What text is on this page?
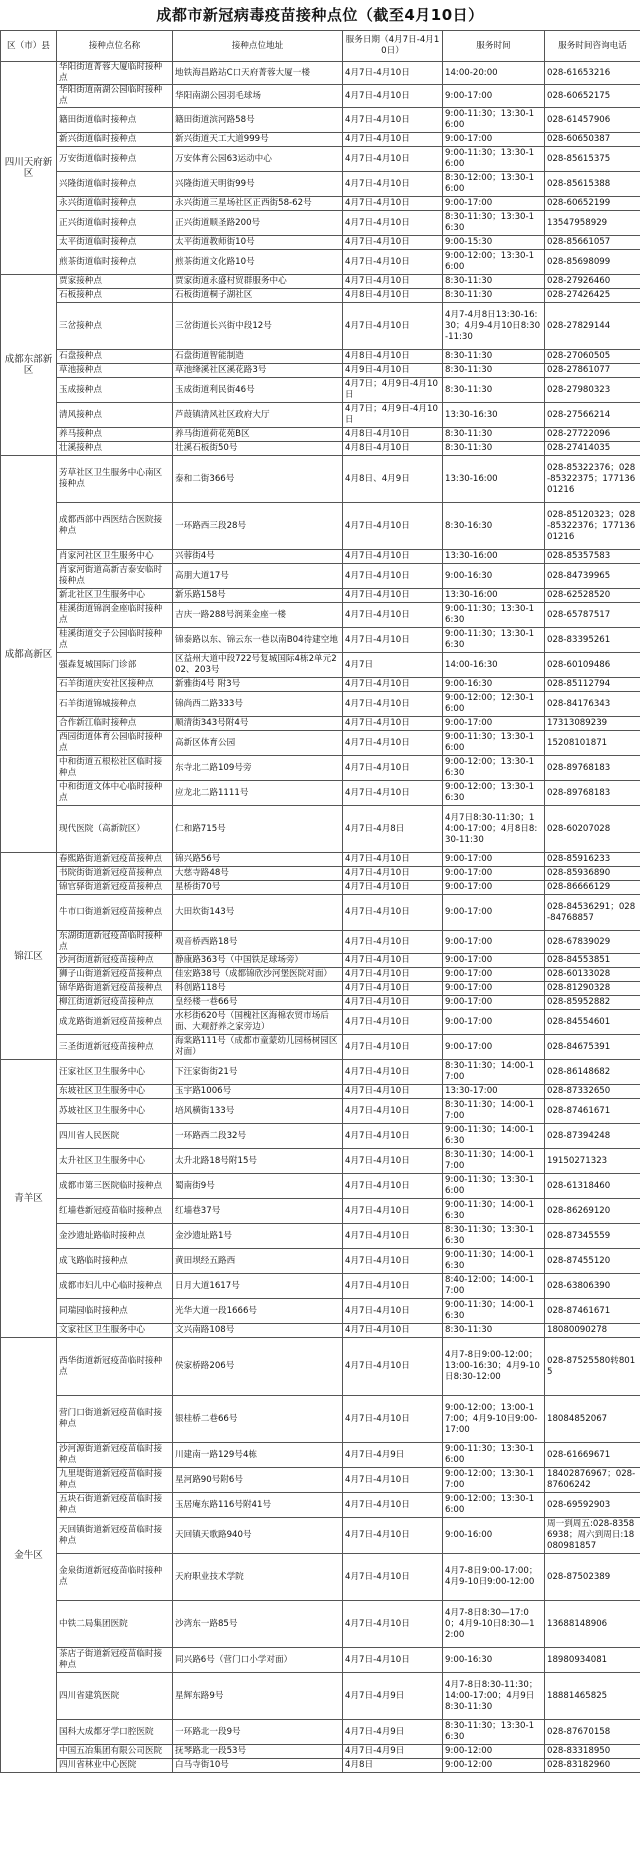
成都市新冠病毒疫苗接种点位（截至4月10日）
区（市）县	接种点位名称	接种点位地址	服务日期（4月7日-4月10日）	服务时间	服务时间咨询电话
四川天府新区	华阳街道菁蓉大厦临时接种点	地铁海昌路站C口天府菁蓉大厦一楼	4月7日-4月10日	14:00-20:00	028-61653216
	华阳街道南湖公园临时接种点	华阳南湖公园羽毛球场	4月7日-4月10日	9:00-17:00	028-60652175
	籍田街道临时接种点	籍田街道滨河路58号	4月7日-4月10日	9:00-11:30；13:30-16:00	028-61457906
	新兴街道临时接种点	新兴街道天工大道999号	4月7日-4月10日	9:00-17:00	028-60650387
	万安街道临时接种点	万安体育公园63运动中心	4月7日-4月10日	9:00-11:30；13:30-16:00	028-85615375
	兴隆街道临时接种点	兴隆街道天明街99号	4月7日-4月10日	8:30-12:00；13:30-16:00	028-85615388
	永兴街道临时接种点	永兴街道三星场社区正西街58-62号	4月7日-4月10日	9:00-17:00	028-60652199
	正兴街道临时接种点	正兴街道顺圣路200号	4月7日-4月10日	8:30-11:30；13:30-16:30	13547958929
	太平街道临时接种点	太平街道教师街10号	4月7日-4月10日	9:00-15:30	028-85661057
	煎茶街道临时接种点	煎茶街道文化路10号	4月7日-4月10日	9:00-12:00；13:30-16:00	028-85698099
成都东部新区	贾家接种点	贾家街道永盛村贸群服务中心	4月7日-4月10日	8:30-11:30	028-27926460
	石板接种点	石板街道桐子湖社区	4月8日-4月10日	8:30-11:30	028-27426425
	三岔接种点	三岔街道长兴街中段12号	4月7日-4月10日	4月7-4月8日13:30-16:30；4月9-4月10日8:30-11:30	028-27829144
	石盘接种点	石盘街道智能制造	4月8日-4月10日	8:30-11:30	028-27060505
	草池接种点	草池绛溪社区溪花路3号	4月9日-4月10日	8:30-11:30	028-27861077
	玉成接种点	玉成街道利民街46号	4月7日；4月9日-4月10日	8:30-11:30	028-27980323
	清风接种点	芦葭镇清风社区政府大厅	4月7日；4月9日-4月10日	13:30-16:30	028-27566214
	养马接种点	养马街道荷花苑B区	4月8日-4月10日	8:30-11:30	028-27722096
	壮溪接种点	壮溪石板街50号	4月8日-4月10日	8:30-11:30	028-27414035
成都高新区	芳草社区卫生服务中心南区接种点	泰和二街366号	4月8日、4月9日	13:30-16:00	028-85322376；028-85322375；17713601216
	成都西部中西医结合医院接种点	一环路西三段28号	4月7日-4月10日	8:30-16:30	028-85120323；028-85322376；17713601216
	肖家河社区卫生服务中心	兴蓉街4号	4月7日-4月10日	13:30-16:00	028-85357583
	肖家河街道高新吉泰安临时接种点	高朋大道17号	4月7日-4月10日	9:00-16:30	028-84739965
	新北社区卫生服务中心	新乐路158号	4月7日-4月10日	13:30-16:00	028-62528520
	桂溪街道锦润金座临时接种点	吉庆一路288号润莱金座一楼	4月7日-4月10日	9:00-11:30；13:30-16:30	028-65787517
	桂溪街道交子公园临时接种点	锦泰路以东、锦云东一巷以南B04待建空地	4月7日-4月10日	9:00-11:30；13:30-16:30	028-83395261
	强森复城国际门诊部	区益州大道中段722号复城国际4栋2单元202、203号	4月7日	14:00-16:30	028-60109486
	石羊街道庆安社区接种点	新雅街4号 附3号	4月7日-4月10日	9:00-16:30	028-85112794
	石羊街道锦城接种点	锦尚西二路333号	4月7日-4月10日	9:00-12:00；12:30-16:00	028-84176343
	合作新江临时接种点	顺清街343号附4号	4月7日-4月10日	9:00-17:00	17313089239
	西园街道体育公园临时接种点	高新区体育公园	4月7日-4月10日	9:00-11:30；13:30-16:00	15208101871
	中和街道五根松社区临时接种点	东寺北二路109号旁	4月7日-4月10日	9:00-12:00；13:30-16:30	028-89768183
	中和街道文体中心临时接种点	应龙北二路1111号	4月7日-4月10日	9:00-12:00；13:30-16:30	028-89768183
	现代医院（高新院区）	仁和路715号	4月7日-4月8日	4月7日8:30-11:30；14:00-17:00；4月8日8:30-11:30	028-60207028
锦江区	春熙路街道新冠疫苗接种点	锦兴路56号	4月7日-4月10日	9:00-17:00	028-85916233
	书院街街道新冠疫苗接种点	大慈寺路48号	4月7日-4月10日	9:00-17:00	028-85936890
	锦官驿街道新冠疫苗接种点	星桥街70号	4月7日-4月10日	9:00-17:00	028-86666129
	牛市口街道新冠疫苗接种点	大田坎街143号	4月7日-4月10日	9:00-17:00	028-84536291；028-84768857
	东湖街道新冠疫苗临时接种点	观音桥西路18号	4月7日-4月10日	9:00-17:00	028-67839029
	沙河街道新冠疫苗接种点	静康路363号（中国铁足球场旁）	4月7日-4月10日	9:00-17:00	028-84553851
	狮子山街道新冠疫苗接种点	佳宏路38号（成都锦欣沙河堡医院对面）	4月7日-4月10日	9:00-17:00	028-60133028
	锦华路街道新冠疫苗接种点	科创路118号	4月7日-4月10日	9:00-17:00	028-81290328
	柳江街道新冠疫苗接种点	皇经楼一巷66号	4月7日-4月10日	9:00-17:00	028-85952882
	成龙路街道新冠疫苗接种点	水杉街620号（国槐社区海棉农贸市场后面、大观舒养之家旁边）	4月7日-4月10日	9:00-17:00	028-84554601
	三圣街道新冠疫苗接种点	海棠路111号（成都市童蒙幼儿园杨树园区对面）	4月7日-4月10日	9:00-17:00	028-84675391
青羊区	汪家社区卫生服务中心	下汪家街街21号	4月7日-4月10日	8:30-11:30；14:00-17:00	028-86148682
	东坡社区卫生服务中心	玉宇路1006号	4月7日-4月10日	13:30-17:00	028-87332650
	苏坡社区卫生服务中心	培风横街133号	4月7日-4月10日	8:30-11:30；14:00-17:00	028-87461671
	四川省人民医院	一环路西二段32号	4月7日-4月10日	9:00-11:30；14:00-16:30	028-87394248
	太升社区卫生服务中心	太升北路18号附15号	4月7日-4月10日	8:30-11:30；14:00-17:00	19150271323
	成都市第三医院临时接种点	蜀南街9号	4月7日-4月10日	9:00-11:30；13:30-16:00	028-61318460
	红墙巷新冠疫苗临时接种点	红墙巷37号	4月7日-4月10日	9:00-11:30；14:00-16:30	028-86269120
	金沙遗址路临时接种点	金沙遗址路1号	4月7日-4月10日	8:30-11:30；13:30-16:30	028-87345559
	成飞路临时接种点	黄田坝经五路西	4月7日-4月10日	9:00-11:30；14:00-16:30	028-87455120
	成都市妇儿中心临时接种点	日月大道1617号	4月7日-4月10日	8:40-12:00；14:00-17:00	028-63806390
	同瑞园临时接种点	光华大道一段1666号	4月7日-4月10日	9:00-11:30；14:00-16:30	028-87461671
	文家社区卫生服务中心	文兴南路108号	4月7日-4月10日	8:30-11:30	18080090278
金牛区	西华街道新冠疫苗临时接种点	侯家桥路206号	4月7日-4月10日	4月7-8日9:00-12:00；13:00-16:30；4月9-10日8:30-12:00	028-87525580转8015
	营门口街道新冠疫苗临时接种点	银桂桥二巷66号	4月7日-4月10日	9:00-12:00；13:00-17:00；4月9-10日9:00-17:00	18084852067
	沙河源街道新冠疫苗临时接种点	川建南一路129号4栋	4月7日-4月9日	9:00-11:30；13:30-16:00	028-61669671
	九里堤街道新冠疫苗临时接种点	星河路90号附6号	4月7日-4月10日	9:00-12:00；13:30-17:00	18402876967；028-87606242
	五块石街道新冠疫苗临时接种点	玉居庵东路116号附41号	4月7日-4月10日	9:00-12:00；13:30-16:00	028-69592903
	天回镇街道新冠疫苗临时接种点	天回镇天歌路940号	4月7日-4月10日	9:00-16:00	周一到周五:028-83586938；周六到周日:18080981857
	金泉街道新冠疫苗临时接种点	天府职业技术学院	4月7日-4月10日	4月7-8日9:00-17:00；4月9-10日9:00-12:00	028-87502389
	中铁二局集团医院	沙湾东一路85号	4月7日-4月10日	4月7-8日8:30—17:00；4月9-10日8:30—12:00	13688148906
	茶店子街道新冠疫苗临时接种点	同兴路6号（营门口小学对面）	4月7日-4月10日	9:00-16:30	18980934081
	四川省建筑医院	星辉东路9号	4月7日-4月9日	4月7-8日8:30-11:30；14:00-17:00；4月9日8:30-11:30	18881465825
	国科大成都牙学口腔医院	一环路北一段9号	4月7日-4月9日	8:30-11:30；13:30-16:30	028-87670158
	中国五冶集团有限公司医院	抚琴路北一段53号	4月7日-4月9日	9:00-12:00	028-83318950
	四川省林业中心医院	白马寺街10号	4月8日	9:00-12:00	028-83182960
